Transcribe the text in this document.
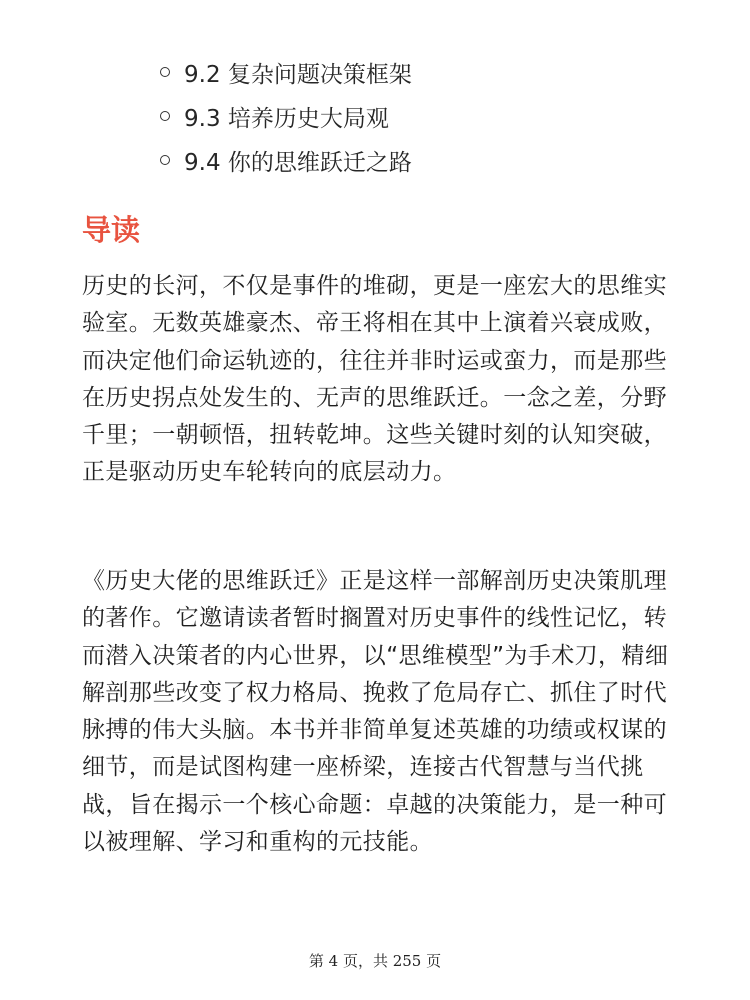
9.2 复杂问题决策框架
9.3 培养历史大局观
9.4 你的思维跃迁之路
导读

历史的长河，不仅是事件的堆砌，更是一座宏大的思维实验室。无数英雄豪杰、帝王将相在其中上演着兴衰成败，而决定他们命运轨迹的，往往并非时运或蛮力，而是那些在历史拐点处发生的、无声的思维跃迁。一念之差，分野千里；一朝顿悟，扭转乾坤。这些关键时刻的认知突破，正是驱动历史车轮转向的底层动力。

《历史大佬的思维跃迁》正是这样一部解剖历史决策肌理的著作。它邀请读者暂时搁置对历史事件的线性记忆，转而潜入决策者的内心世界，以“思维模型”为手术刀，精细解剖那些改变了权力格局、挽救了危局存亡、抓住了时代脉搏的伟大头脑。本书并非简单复述英雄的功绩或权谋的细节，而是试图构建一座桥梁，连接古代智慧与当代挑战，旨在揭示一个核心命题：卓越的决策能力，是一种可以被理解、学习和重构的元技能。

第 4 页，共 255 页
